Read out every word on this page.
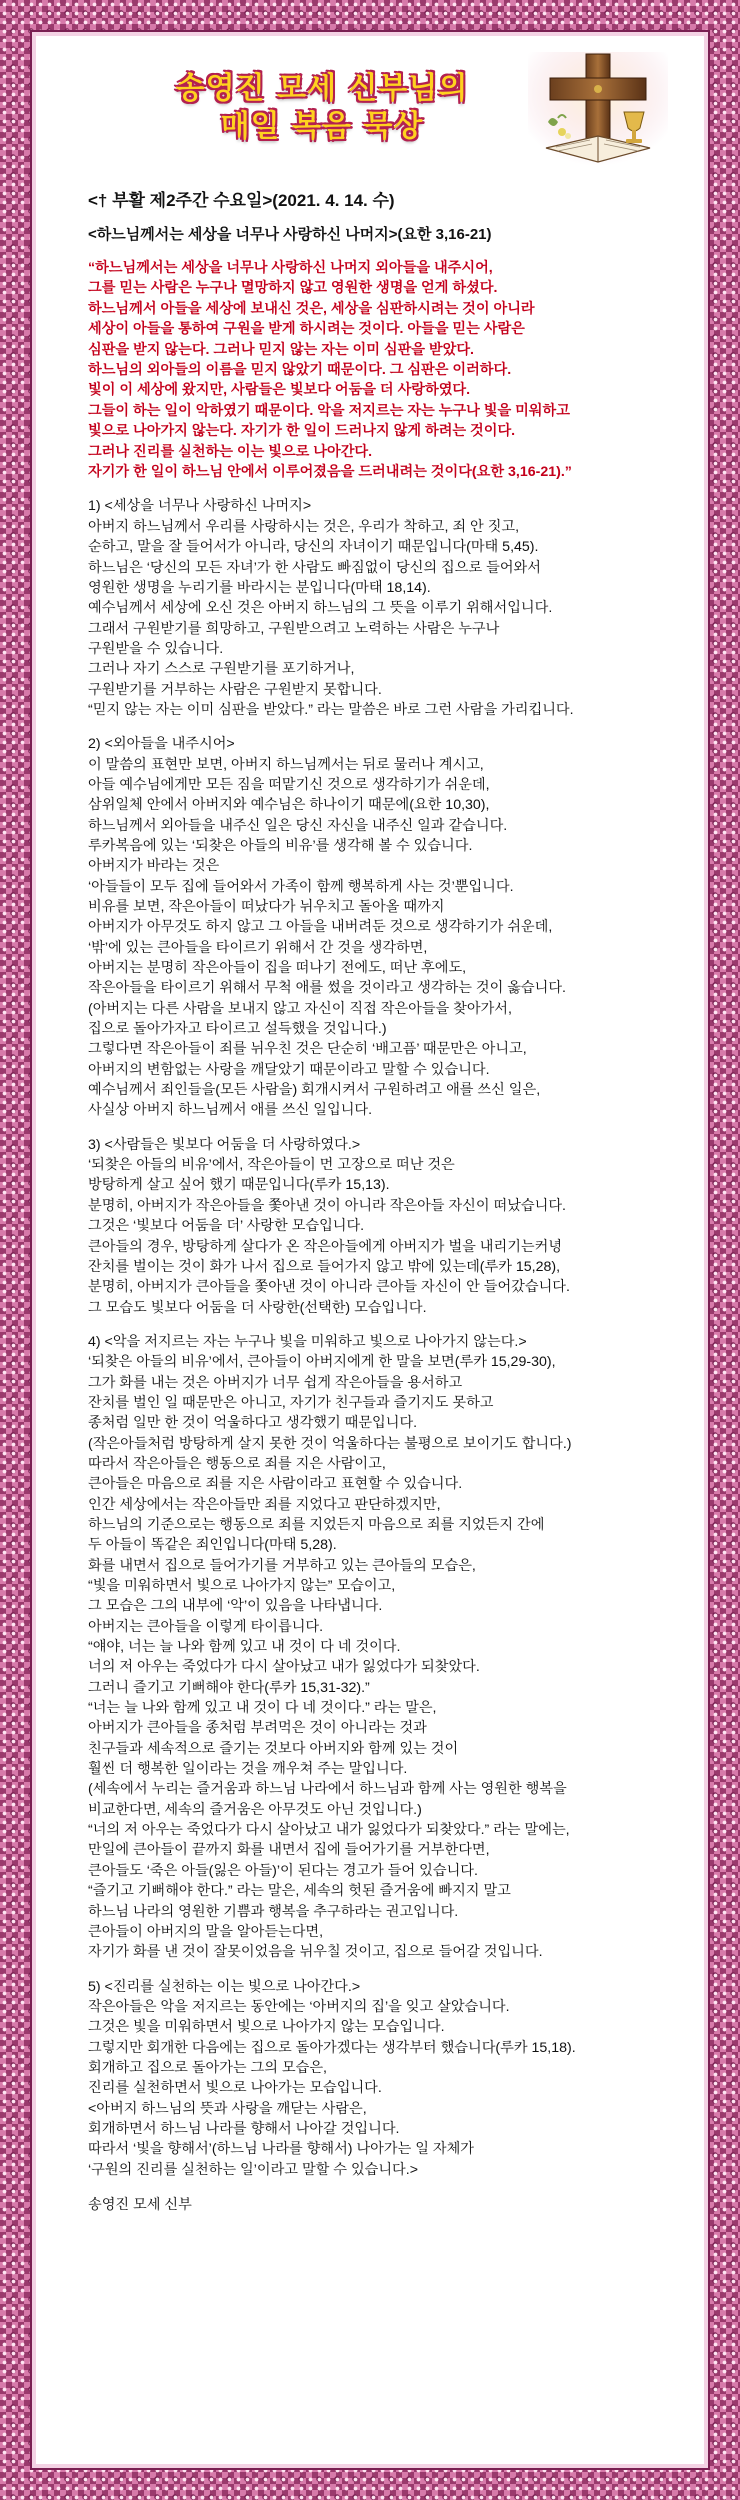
송영진 모세 신부님의
매일 복음 묵상
<† 부활 제2주간 수요일>(2021. 4. 14. 수)
<하느님께서는 세상을 너무나 사랑하신 나머지>(요한 3,16-21)
“하느님께서는 세상을 너무나 사랑하신 나머지 외아들을 내주시어,
그를 믿는 사람은 누구나 멸망하지 않고 영원한 생명을 얻게 하셨다.
하느님께서 아들을 세상에 보내신 것은, 세상을 심판하시려는 것이 아니라
세상이 아들을 통하여 구원을 받게 하시려는 것이다. 아들을 믿는 사람은
심판을 받지 않는다. 그러나 믿지 않는 자는 이미 심판을 받았다.
하느님의 외아들의 이름을 믿지 않았기 때문이다. 그 심판은 이러하다.
빛이 이 세상에 왔지만, 사람들은 빛보다 어둠을 더 사랑하였다.
그들이 하는 일이 악하였기 때문이다. 악을 저지르는 자는 누구나 빛을 미워하고
빛으로 나아가지 않는다. 자기가 한 일이 드러나지 않게 하려는 것이다.
그러나 진리를 실천하는 이는 빛으로 나아간다.
자기가 한 일이 하느님 안에서 이루어졌음을 드러내려는 것이다(요한 3,16-21).”
1) <세상을 너무나 사랑하신 나머지>
아버지 하느님께서 우리를 사랑하시는 것은, 우리가 착하고, 죄 안 짓고,
순하고, 말을 잘 들어서가 아니라, 당신의 자녀이기 때문입니다(마태 5,45).
하느님은 ‘당신의 모든 자녀’가 한 사람도 빠짐없이 당신의 집으로 들어와서
영원한 생명을 누리기를 바라시는 분입니다(마태 18,14).
예수님께서 세상에 오신 것은 아버지 하느님의 그 뜻을 이루기 위해서입니다.
그래서 구원받기를 희망하고, 구원받으려고 노력하는 사람은 누구나
구원받을 수 있습니다.
그러나 자기 스스로 구원받기를 포기하거나,
구원받기를 거부하는 사람은 구원받지 못합니다.
“믿지 않는 자는 이미 심판을 받았다.” 라는 말씀은 바로 그런 사람을 가리킵니다.
2) <외아들을 내주시어>
이 말씀의 표현만 보면, 아버지 하느님께서는 뒤로 물러나 계시고,
아들 예수님에게만 모든 짐을 떠맡기신 것으로 생각하기가 쉬운데,
삼위일체 안에서 아버지와 예수님은 하나이기 때문에(요한 10,30),
하느님께서 외아들을 내주신 일은 당신 자신을 내주신 일과 같습니다.
루카복음에 있는 ‘되찾은 아들의 비유’를 생각해 볼 수 있습니다.
아버지가 바라는 것은
‘아들들이 모두 집에 들어와서 가족이 함께 행복하게 사는 것’뿐입니다.
비유를 보면, 작은아들이 떠났다가 뉘우치고 돌아올 때까지
아버지가 아무것도 하지 않고 그 아들을 내버려둔 것으로 생각하기가 쉬운데,
‘밖’에 있는 큰아들을 타이르기 위해서 간 것을 생각하면,
아버지는 분명히 작은아들이 집을 떠나기 전에도, 떠난 후에도,
작은아들을 타이르기 위해서 무척 애를 썼을 것이라고 생각하는 것이 옳습니다.
(아버지는 다른 사람을 보내지 않고 자신이 직접 작은아들을 찾아가서,
집으로 돌아가자고 타이르고 설득했을 것입니다.)
그렇다면 작은아들이 죄를 뉘우친 것은 단순히 ‘배고픔’ 때문만은 아니고,
아버지의 변함없는 사랑을 깨달았기 때문이라고 말할 수 있습니다.
예수님께서 죄인들을(모든 사람을) 회개시켜서 구원하려고 애를 쓰신 일은,
사실상 아버지 하느님께서 애를 쓰신 일입니다.
3) <사람들은 빛보다 어둠을 더 사랑하였다.>
‘되찾은 아들의 비유’에서, 작은아들이 먼 고장으로 떠난 것은
방탕하게 살고 싶어 했기 때문입니다(루카 15,13).
분명히, 아버지가 작은아들을 쫓아낸 것이 아니라 작은아들 자신이 떠났습니다.
그것은 ‘빛보다 어둠을 더’ 사랑한 모습입니다.
큰아들의 경우, 방탕하게 살다가 온 작은아들에게 아버지가 벌을 내리기는커녕
잔치를 벌이는 것이 화가 나서 집으로 들어가지 않고 밖에 있는데(루카 15,28),
분명히, 아버지가 큰아들을 쫓아낸 것이 아니라 큰아들 자신이 안 들어갔습니다.
그 모습도 빛보다 어둠을 더 사랑한(선택한) 모습입니다.
4) <악을 저지르는 자는 누구나 빛을 미워하고 빛으로 나아가지 않는다.>
‘되찾은 아들의 비유’에서, 큰아들이 아버지에게 한 말을 보면(루카 15,29-30),
그가 화를 내는 것은 아버지가 너무 쉽게 작은아들을 용서하고
잔치를 벌인 일 때문만은 아니고, 자기가 친구들과 즐기지도 못하고
종처럼 일만 한 것이 억울하다고 생각했기 때문입니다.
(작은아들처럼 방탕하게 살지 못한 것이 억울하다는 불평으로 보이기도 합니다.)
따라서 작은아들은 행동으로 죄를 지은 사람이고,
큰아들은 마음으로 죄를 지은 사람이라고 표현할 수 있습니다.
인간 세상에서는 작은아들만 죄를 지었다고 판단하겠지만,
하느님의 기준으로는 행동으로 죄를 지었든지 마음으로 죄를 지었든지 간에
두 아들이 똑같은 죄인입니다(마태 5,28).
화를 내면서 집으로 들어가기를 거부하고 있는 큰아들의 모습은,
“빛을 미워하면서 빛으로 나아가지 않는” 모습이고,
그 모습은 그의 내부에 ‘악’이 있음을 나타냅니다.
아버지는 큰아들을 이렇게 타이릅니다.
“얘야, 너는 늘 나와 함께 있고 내 것이 다 네 것이다.
너의 저 아우는 죽었다가 다시 살아났고 내가 잃었다가 되찾았다.
그러니 즐기고 기뻐해야 한다(루카 15,31-32).”
“너는 늘 나와 함께 있고 내 것이 다 네 것이다.” 라는 말은,
아버지가 큰아들을 종처럼 부려먹은 것이 아니라는 것과
친구들과 세속적으로 즐기는 것보다 아버지와 함께 있는 것이
훨씬 더 행복한 일이라는 것을 깨우쳐 주는 말입니다.
(세속에서 누리는 즐거움과 하느님 나라에서 하느님과 함께 사는 영원한 행복을
비교한다면, 세속의 즐거움은 아무것도 아닌 것입니다.)
“너의 저 아우는 죽었다가 다시 살아났고 내가 잃었다가 되찾았다.” 라는 말에는,
만일에 큰아들이 끝까지 화를 내면서 집에 들어가기를 거부한다면,
큰아들도 ‘죽은 아들(잃은 아들)’이 된다는 경고가 들어 있습니다.
“즐기고 기뻐해야 한다.” 라는 말은, 세속의 헛된 즐거움에 빠지지 말고
하느님 나라의 영원한 기쁨과 행복을 추구하라는 권고입니다.
큰아들이 아버지의 말을 알아듣는다면,
자기가 화를 낸 것이 잘못이었음을 뉘우칠 것이고, 집으로 들어갈 것입니다.
5) <진리를 실천하는 이는 빛으로 나아간다.>
작은아들은 악을 저지르는 동안에는 ‘아버지의 집’을 잊고 살았습니다.
그것은 빛을 미워하면서 빛으로 나아가지 않는 모습입니다.
그렇지만 회개한 다음에는 집으로 돌아가겠다는 생각부터 했습니다(루카 15,18).
회개하고 집으로 돌아가는 그의 모습은,
진리를 실천하면서 빛으로 나아가는 모습입니다.
<아버지 하느님의 뜻과 사랑을 깨닫는 사람은,
회개하면서 하느님 나라를 향해서 나아갈 것입니다.
따라서 ‘빛을 향해서’(하느님 나라를 향해서) 나아가는 일 자체가
‘구원의 진리를 실천하는 일’이라고 말할 수 있습니다.>
송영진 모세 신부
